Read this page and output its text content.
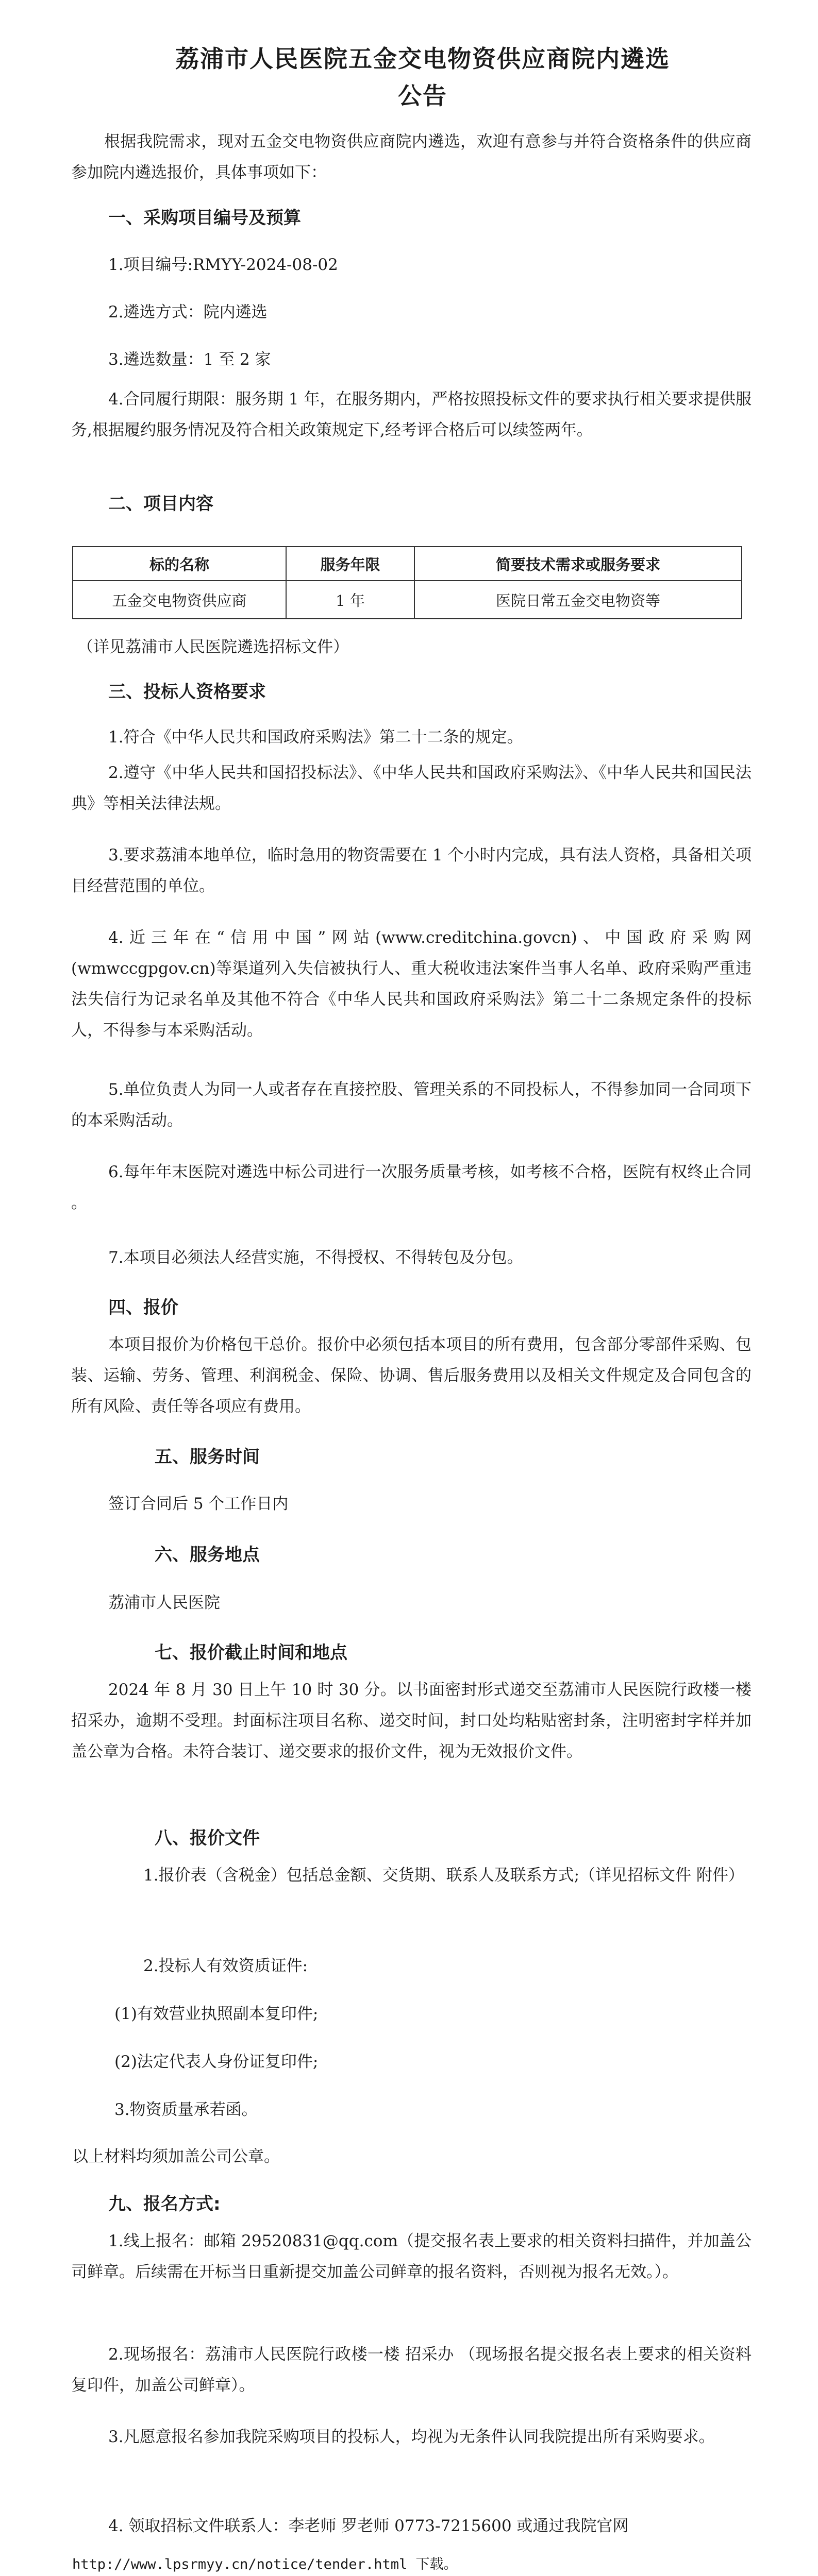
荔浦市人民医院五金交电物资供应商院内遴选
公告
根据我院需求，现对五金交电物资供应商院内遴选，欢迎有意参与并符合资格条件的供应商参加院内遴选报价，具体事项如下：
一、采购项目编号及预算
1.项目编号:RMYY-2024-08-02
2.遴选方式：院内遴选
3.遴选数量：1 至 2 家
4.合同履行期限：服务期 1 年，在服务期内，严格按照投标文件的要求执行相关要求提供服务,根据履约服务情况及符合相关政策规定下,经考评合格后可以续签两年。
二、项目内容
标的名称	服务年限	简要技术需求或服务要求
五金交电物资供应商	1 年	医院日常五金交电物资等
（详见荔浦市人民医院遴选招标文件）
三、投标人资格要求
1.符合《中华人民共和国政府采购法》第二十二条的规定。
2.遵守《中华人民共和国招投标法》、《中华人民共和国政府采购法》、《中华人民共和国民法典》等相关法律法规。
3.要求荔浦本地单位，临时急用的物资需要在 1 个小时内完成，具有法人资格，具备相关项目经营范围的单位。
4.近三年在“信用中国”网站(www.creditchina.govcn)、中国政府采购网(wmwccgpgov.cn)等渠道列入失信被执行人、重大税收违法案件当事人名单、政府采购严重违法失信行为记录名单及其他不符合《中华人民共和国政府采购法》第二十二条规定条件的投标人，不得参与本采购活动。
5.单位负责人为同一人或者存在直接控股、管理关系的不同投标人，不得参加同一合同项下的本采购活动。
6.每年年末医院对遴选中标公司进行一次服务质量考核，如考核不合格，医院有权终止合同 。
7.本项目必须法人经营实施，不得授权、不得转包及分包。
四、报价
本项目报价为价格包干总价。报价中必须包括本项目的所有费用，包含部分零部件采购、包装、运输、劳务、管理、利润税金、保险、协调、售后服务费用以及相关文件规定及合同包含的所有风险、责任等各项应有费用。
五、服务时间
签订合同后 5 个工作日内
六、服务地点
荔浦市人民医院
七、报价截止时间和地点
2024 年 8 月 30 日上午 10 时 30 分。以书面密封形式递交至荔浦市人民医院行政楼一楼招采办，逾期不受理。封面标注项目名称、递交时间，封口处均粘贴密封条，注明密封字样并加盖公章为合格。未符合装订、递交要求的报价文件，视为无效报价文件。
八、报价文件
1.报价表（含税金）包括总金额、交货期、联系人及联系方式;（详见招标文件 附件）
2.投标人有效资质证件:
(1)有效营业执照副本复印件;
(2)法定代表人身份证复印件;
3.物资质量承若函。
以上材料均须加盖公司公章。
九、报名方式:
1.线上报名：邮箱 29520831@qq.com（提交报名表上要求的相关资料扫描件，并加盖公司鲜章。后续需在开标当日重新提交加盖公司鲜章的报名资料，否则视为报名无效。）。
2.现场报名：荔浦市人民医院行政楼一楼 招采办 （现场报名提交报名表上要求的相关资料复印件，加盖公司鲜章）。
3.凡愿意报名参加我院采购项目的投标人，均视为无条件认同我院提出所有采购要求。
4. 领取招标文件联系人：李老师 罗老师 0773-7215600 或通过我院官网
http://www.lpsrmyy.cn/notice/tender.html 下载。
